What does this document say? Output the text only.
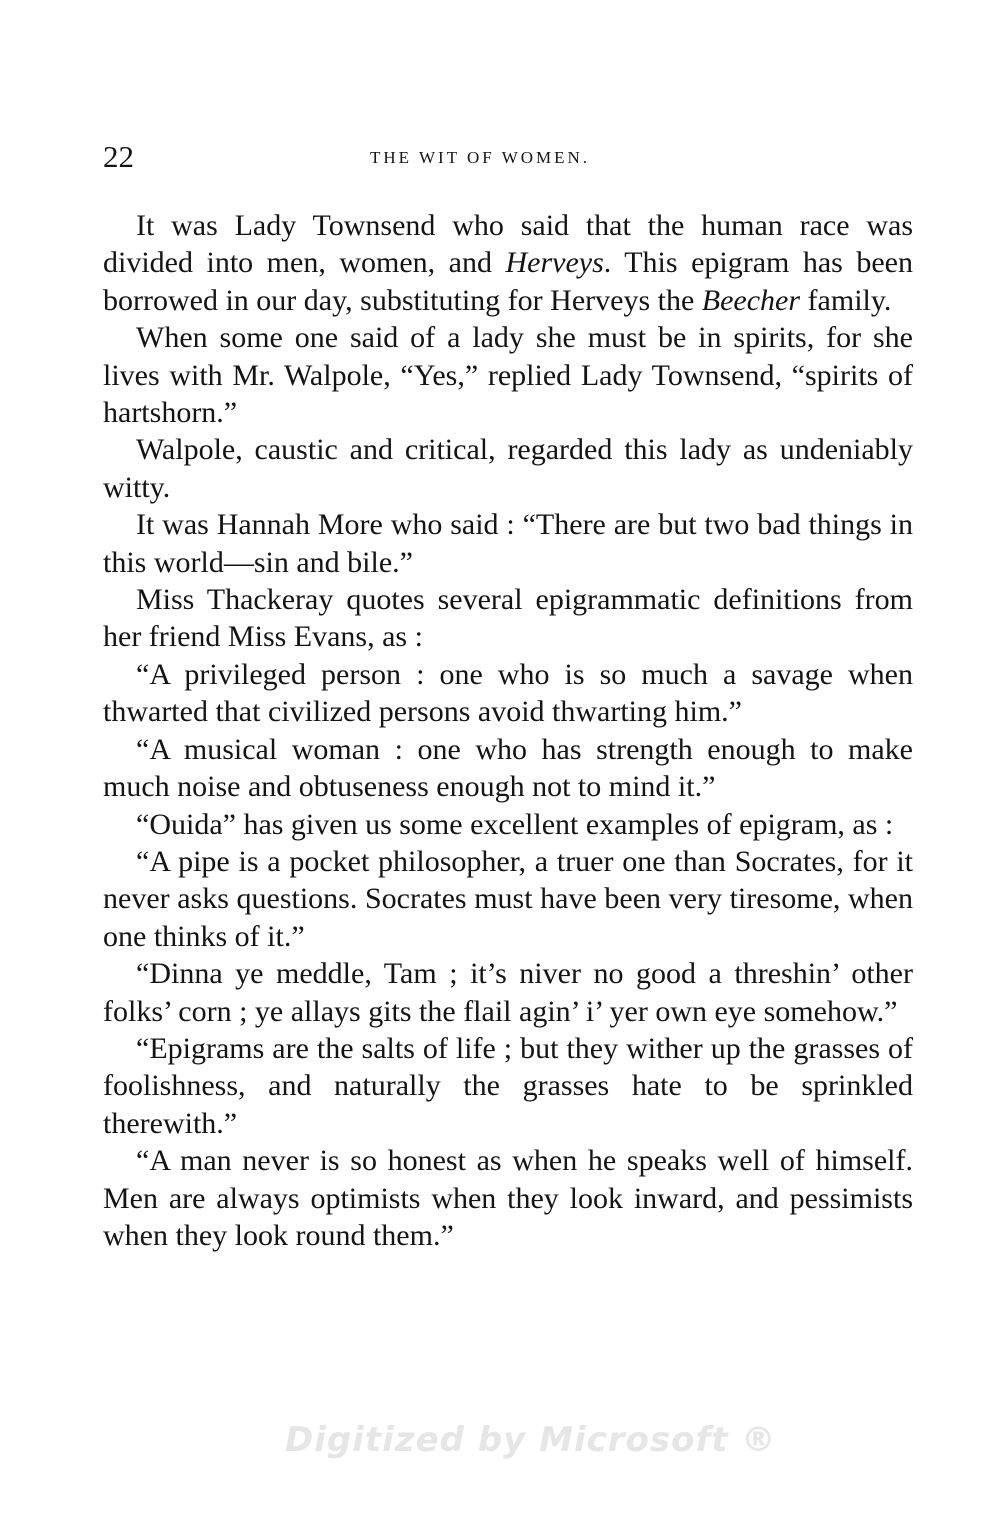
22	THE WIT OF WOMEN.

It was Lady Townsend who said that the human race was divided into men, women, and Herveys. This epigram has been borrowed in our day, substituting for Herveys the Beecher family.

When some one said of a lady she must be in spirits, for she lives with Mr. Walpole, “Yes,” replied Lady Townsend, “spirits of hartshorn.”

Walpole, caustic and critical, regarded this lady as undeniably witty.

It was Hannah More who said : “There are but two bad things in this world—sin and bile.”

Miss Thackeray quotes several epigrammatic definitions from her friend Miss Evans, as :

“A privileged person : one who is so much a savage when thwarted that civilized persons avoid thwarting him.”

“A musical woman : one who has strength enough to make much noise and obtuseness enough not to mind it.”

“Ouida” has given us some excellent examples of epigram, as :

“A pipe is a pocket philosopher, a truer one than Socrates, for it never asks questions. Socrates must have been very tiresome, when one thinks of it.”

“Dinna ye meddle, Tam ; it’s niver no good a threshin’ other folks’ corn ; ye allays gits the flail agin’ i’ yer own eye somehow.”

“Epigrams are the salts of life ; but they wither up the grasses of foolishness, and naturally the grasses hate to be sprinkled therewith.”

“A man never is so honest as when he speaks well of himself. Men are always optimists when they look inward, and pessimists when they look round them.”

Digitized by Microsoft ®
